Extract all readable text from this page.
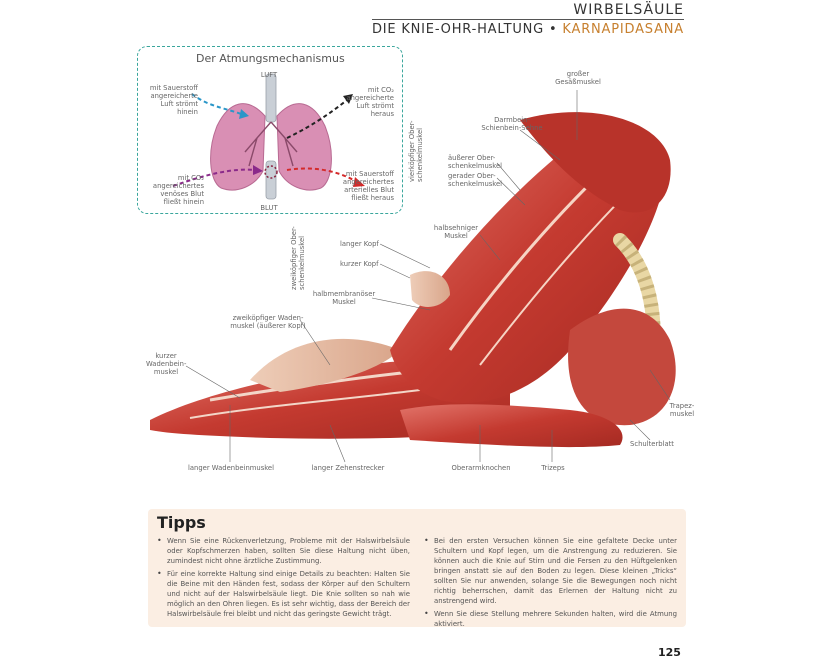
WIRBELSÄULE
DIE KNIE-OHR-HALTUNG • KARNAPIDASANA
Der Atmungsmechanismus
LUFT
BLUT
mit Sauerstoff angereicherte Luft strömt hinein
mit CO₂ angereicherte Luft strömt heraus
mit CO₂ angereichertes venöses Blut fließt hinein
mit Sauerstoff angereichertes arterielles Blut fließt heraus
großer Gesäßmuskel
Darmbein-Schienbein-Sehne
vierköpfiger Ober-schenkelmuskel	äußerer Ober-schenkelmuskel
gerader Ober-schenkelmuskel
halbsehniger Muskel
zweiköpfiger Ober-schenkelmuskel	langer Kopf
kurzer Kopf
halbmembranöser Muskel
zweiköpfiger Waden-muskel (äußerer Kopf)
kurzer Wadenbein-muskel
langer Wadenbeinmuskel	langer Zehenstrecker	Oberarmknochen	Trizeps
Trapez-muskel
Schulterblatt
Tipps
• Wenn Sie eine Rückenverletzung, Probleme mit der Halswirbelsäule oder Kopfschmerzen haben, sollten Sie diese Haltung nicht üben, zumindest nicht ohne ärztliche Zustimmung.
• Für eine korrekte Haltung sind einige Details zu beachten: Halten Sie die Beine mit den Händen fest, sodass der Körper auf den Schultern und nicht auf der Halswirbelsäule liegt. Die Knie sollten so nah wie möglich an den Ohren liegen. Es ist sehr wichtig, dass der Bereich der Halswirbelsäule frei bleibt und nicht das geringste Gewicht trägt.
• Bei den ersten Versuchen können Sie eine gefaltete Decke unter Schultern und Kopf legen, um die Anstrengung zu reduzieren. Sie können auch die Knie auf Stirn und die Fersen zu den Hüftgelenken bringen anstatt sie auf den Boden zu legen. Diese kleinen „Tricks“ sollten Sie nur anwenden, solange Sie die Bewegungen noch nicht richtig beherrschen, damit das Erlernen der Haltung nicht zu anstrengend wird.
• Wenn Sie diese Stellung mehrere Sekunden halten, wird die Atmung aktiviert.
125
